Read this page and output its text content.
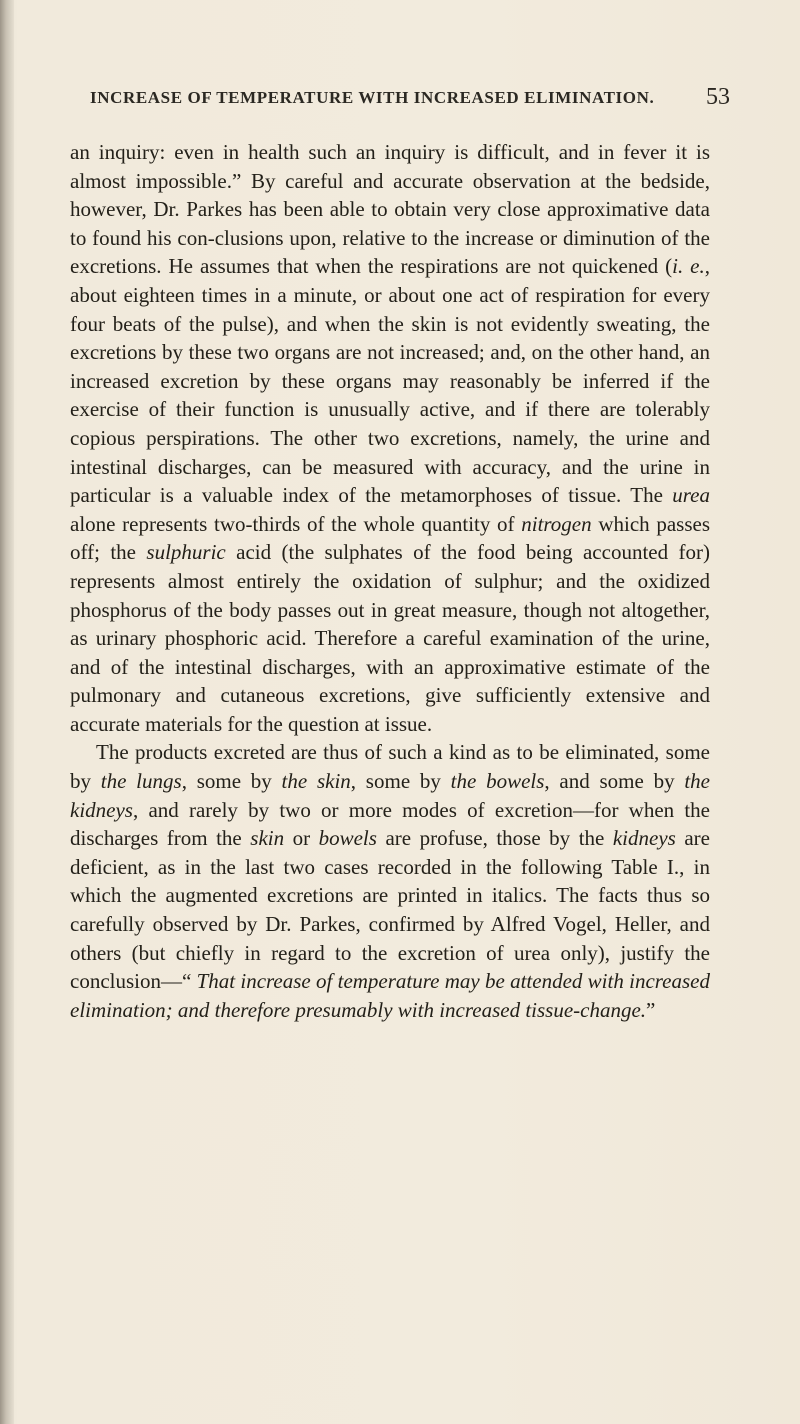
INCREASE OF TEMPERATURE WITH INCREASED ELIMINATION. 53

an inquiry: even in health such an inquiry is difficult, and in fever it is almost impossible.” By careful and accurate observation at the bedside, however, Dr. Parkes has been able to obtain very close approximative data to found his con-clusions upon, relative to the increase or diminution of the excretions. He assumes that when the respirations are not quickened (i. e., about eighteen times in a minute, or about one act of respiration for every four beats of the pulse), and when the skin is not evidently sweating, the excretions by these two organs are not increased; and, on the other hand, an increased excretion by these organs may reasonably be inferred if the exercise of their function is unusually active, and if there are tolerably copious perspirations. The other two excretions, namely, the urine and intestinal discharges, can be measured with accuracy, and the urine in particular is a valuable index of the metamorphoses of tissue. The urea alone represents two-thirds of the whole quantity of nitrogen which passes off; the sulphuric acid (the sulphates of the food being accounted for) represents almost entirely the oxidation of sulphur; and the oxidized phosphorus of the body passes out in great measure, though not altogether, as urinary phosphoric acid. Therefore a careful examination of the urine, and of the intestinal discharges, with an approximative estimate of the pulmonary and cutaneous excretions, give sufficiently extensive and accurate materials for the question at issue.

The products excreted are thus of such a kind as to be eliminated, some by the lungs, some by the skin, some by the bowels, and some by the kidneys, and rarely by two or more modes of excretion—for when the discharges from the skin or bowels are profuse, those by the kidneys are deficient, as in the last two cases recorded in the following Table I., in which the augmented excretions are printed in italics. The facts thus so carefully observed by Dr. Parkes, confirmed by Alfred Vogel, Heller, and others (but chiefly in regard to the excretion of urea only), justify the conclusion—“ That increase of temperature may be attended with increased elimination; and therefore presumably with increased tissue-change.”
